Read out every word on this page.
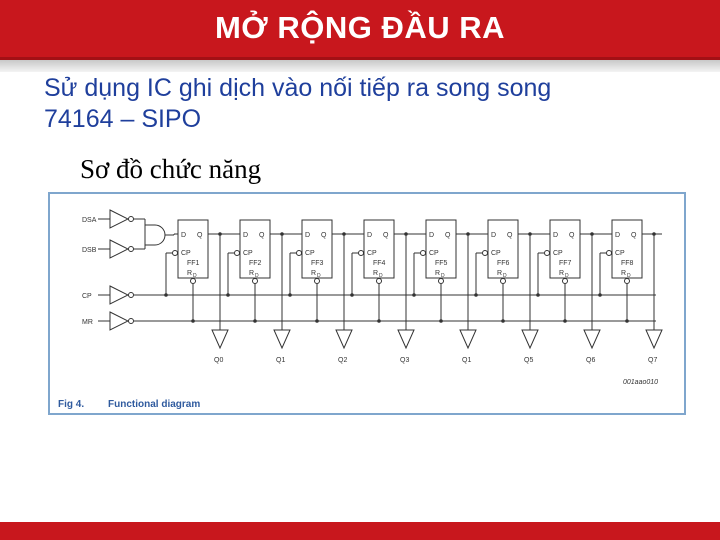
MỞ RỘNG ĐẦU RA
Sử dụng IC ghi dịch vào nối tiếp ra song song
74164 – SIPO
Sơ đồ chức năng
DSA
DSB
CP
MR
D Q
CP
FF1
R D
Q0
D Q
CP
FF2
R D
Q1
D Q
CP
FF3
R D
Q2
D Q
CP
FF4
R D
Q3
D Q
CP
FF5
R D
Q1
D Q
CP
FF6
R D
Q5
D Q
CP
FF7
R D
Q6
D Q
CP
FF8
R D
Q7
001aao010
Fig 4. Functional diagram
